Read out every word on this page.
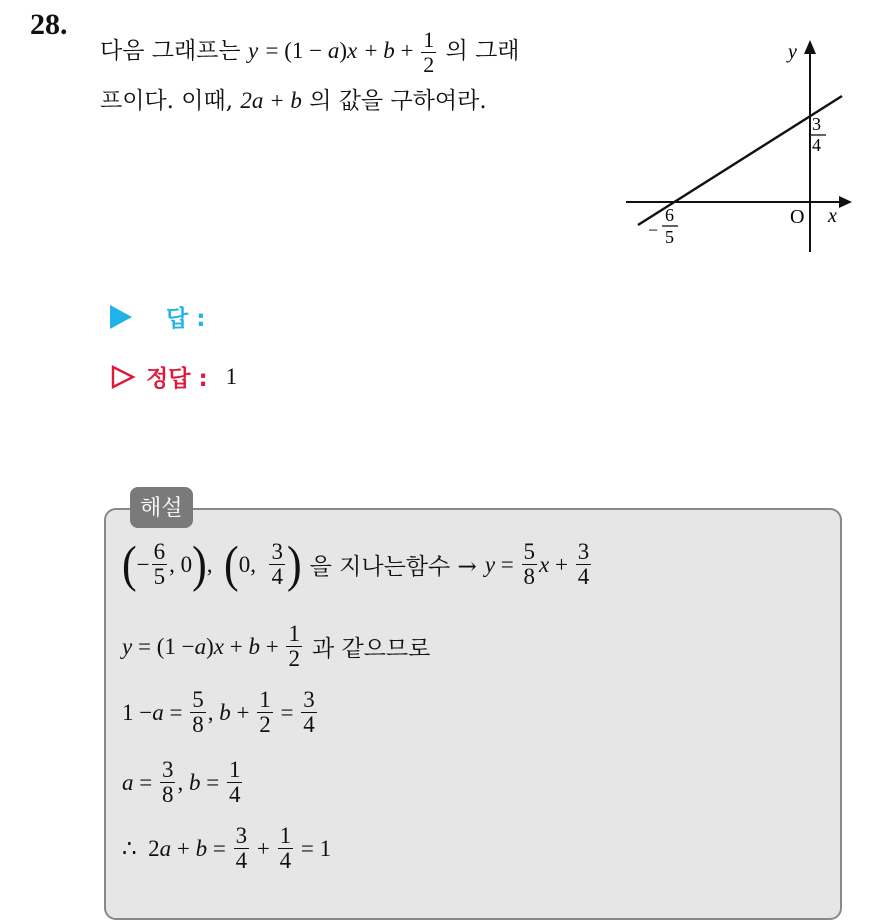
28.
다음 그래프는 $y = (1 - a)x + b + \frac{1}{2}$ 의 그래
프이다. 이때, 2a + b 의 값을 구하여라.
y
x
O
3
4
−
6
5
답 :
정답 : 1
해설
( − $\frac{6}{5}$ , 0 ) , ( 0, $\frac{3}{4}$ ) 을 지나는함수 → $y = \frac{5}{8}$ $x + \frac{3}{4}$
y = (1 − a ) $x + b + \frac{1}{2}$ 과 같으므로
$1 - a = \frac{5}{8}$ , $b + \frac{1}{2} = \frac{3}{4}$
$a = \frac{3}{8}$ , $b = \frac{1}{4}$
∴ 2 $a + b = \frac{3}{4} + \frac{1}{4} = 1$
